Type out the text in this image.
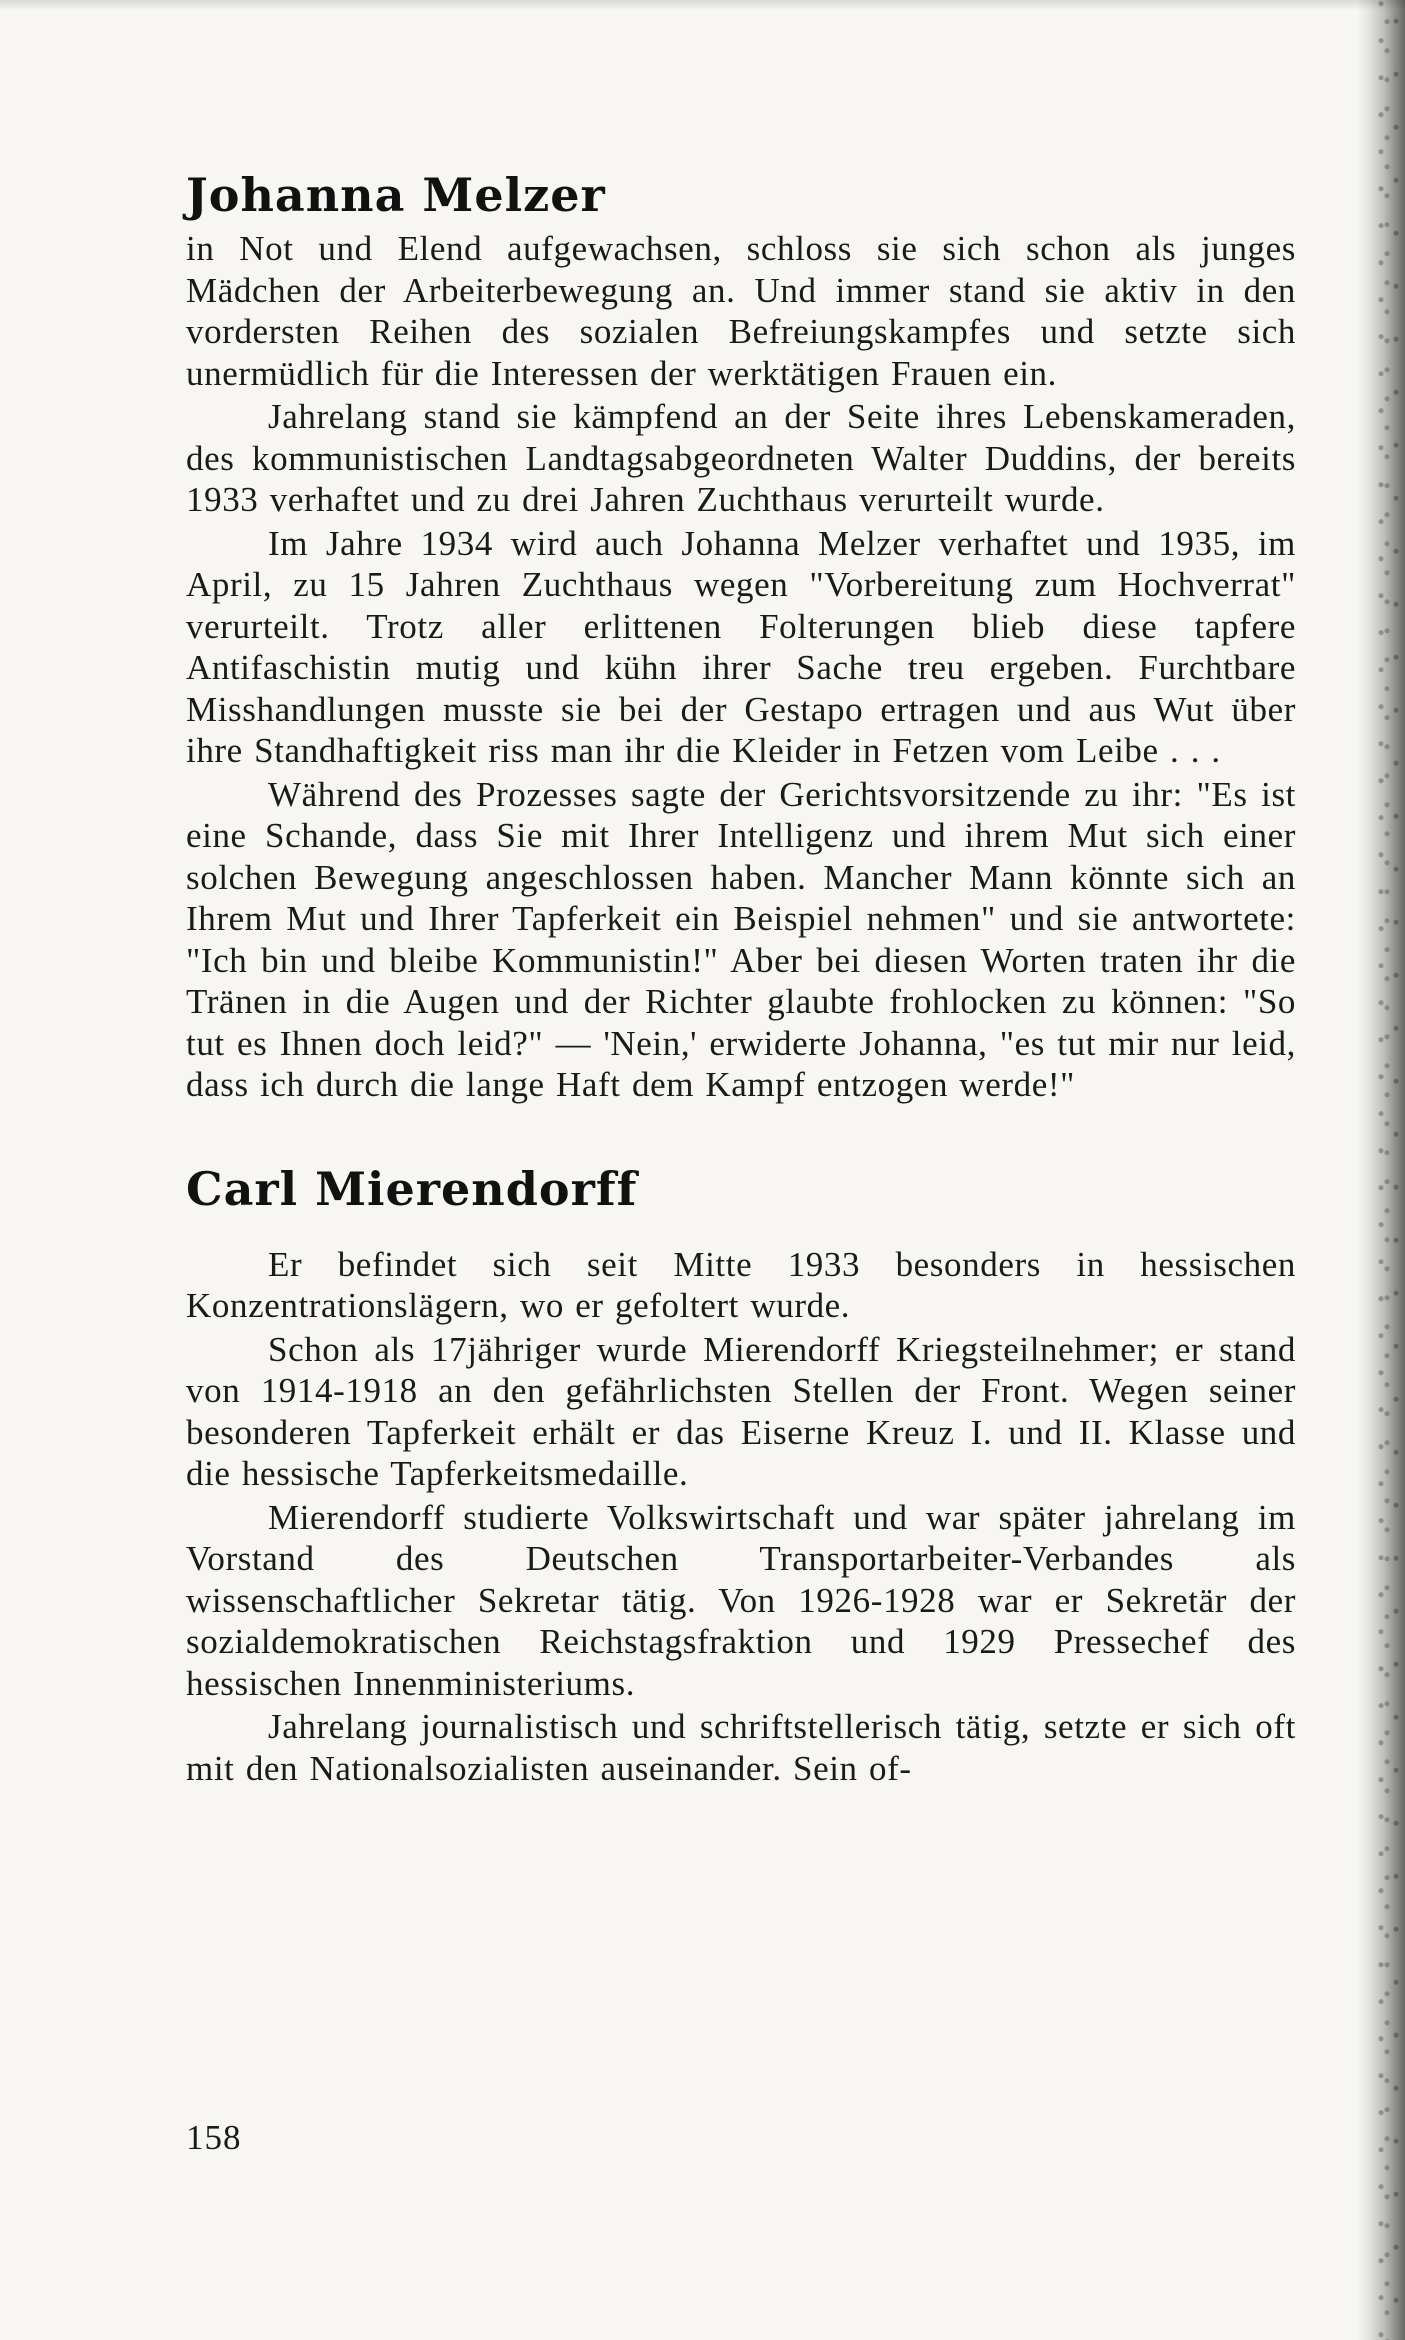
Johanna Melzer

in Not und Elend aufgewachsen, schloss sie sich schon als junges Mädchen der Arbeiterbewegung an. Und immer stand sie aktiv in den vordersten Reihen des sozialen Befreiungskampfes und setzte sich unermüdlich für die Interessen der werktätigen Frauen ein.

Jahrelang stand sie kämpfend an der Seite ihres Lebenskameraden, des kommunistischen Landtagsabgeordneten Walter Duddins, der bereits 1933 verhaftet und zu drei Jahren Zuchthaus verurteilt wurde.

Im Jahre 1934 wird auch Johanna Melzer verhaftet und 1935, im April, zu 15 Jahren Zuchthaus wegen "Vorbereitung zum Hochverrat" verurteilt. Trotz aller erlittenen Folterungen blieb diese tapfere Antifaschistin mutig und kühn ihrer Sache treu ergeben. Furchtbare Misshandlungen musste sie bei der Gestapo ertragen und aus Wut über ihre Standhaftigkeit riss man ihr die Kleider in Fetzen vom Leibe . . .

Während des Prozesses sagte der Gerichtsvorsitzende zu ihr: "Es ist eine Schande, dass Sie mit Ihrer Intelligenz und ihrem Mut sich einer solchen Bewegung angeschlossen haben. Mancher Mann könnte sich an Ihrem Mut und Ihrer Tapferkeit ein Beispiel nehmen" und sie antwortete: "Ich bin und bleibe Kommunistin!" Aber bei diesen Worten traten ihr die Tränen in die Augen und der Richter glaubte frohlocken zu können: "So tut es Ihnen doch leid?" — 'Nein,' erwiderte Johanna, "es tut mir nur leid, dass ich durch die lange Haft dem Kampf entzogen werde!"

Carl Mierendorff

Er befindet sich seit Mitte 1933 besonders in hessischen Konzentrationslägern, wo er gefoltert wurde.

Schon als 17jähriger wurde Mierendorff Kriegsteilnehmer; er stand von 1914-1918 an den gefährlichsten Stellen der Front. Wegen seiner besonderen Tapferkeit erhält er das Eiserne Kreuz I. und II. Klasse und die hessische Tapferkeitsmedaille.

Mierendorff studierte Volkswirtschaft und war später jahrelang im Vorstand des Deutschen Transportarbeiter-Verbandes als wissenschaftlicher Sekretar tätig. Von 1926-1928 war er Sekretär der sozialdemokratischen Reichstagsfraktion und 1929 Pressechef des hessischen Innenministeriums.

Jahrelang journalistisch und schriftstellerisch tätig, setzte er sich oft mit den Nationalsozialisten auseinander. Sein of-

158
